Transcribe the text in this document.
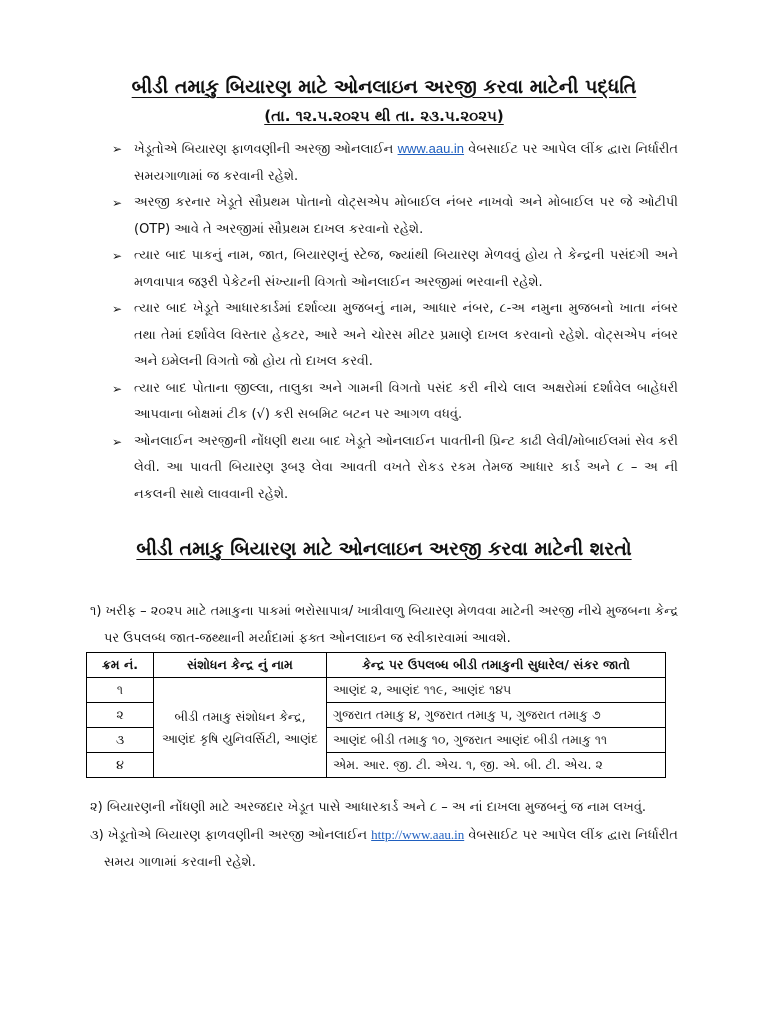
બીડી તમાકુ બિયારણ માટે ઓનલાઇન અરજી કરવા માટેની પદ્ધતિ
(તા. ૧૨.૫.૨૦૨૫ થી તા. ૨૩.૫.૨૦૨૫)
➢ ખેડૂતોએ બિયારણ ફાળવણીની અરજી ઓનલાઈન www.aau.in વેબસાઈટ પર આપેલ લીંક દ્વારા નિર્ધારીત સમયગાળામાં જ કરવાની રહેશે.
➢ અરજી કરનાર ખેડૂતે સૌપ્રથમ પોતાનો વોટ્સએપ મોબાઈલ નંબર નાખવો અને મોબાઈલ પર જે ઓટીપી (OTP) આવે તે અરજીમાં સૌપ્રથમ દાખલ કરવાનો રહેશે.
➢ ત્યાર બાદ પાકનું નામ, જાત, બિયારણનું સ્ટેજ, જ્યાંથી બિયારણ મેળવવું હોય તે કેન્દ્રની પસંદગી અને મળવાપાત્ર જરૂરી પેકેટની સંખ્યાની વિગતો ઓનલાઈન અરજીમાં ભરવાની રહેશે.
➢ ત્યાર બાદ ખેડૂતે આધારકાર્ડમાં દર્શાવ્યા મુજબનું નામ, આધાર નંબર, ૮-અ નમુના મુજબનો ખાતા નંબર તથા તેમાં દર્શાવેલ વિસ્તાર હેકટર, આરે અને ચોરસ મીટર પ્રમાણે દાખલ કરવાનો રહેશે. વોટ્સએપ નંબર અને ઇમેલની વિગતો જો હોય તો દાખલ કરવી.
➢ ત્યાર બાદ પોતાના જીલ્લા, તાલુકા અને ગામની વિગતો પસંદ કરી નીચે લાલ અક્ષરોમાં દર્શાવેલ બાહેધરી આપવાના બોક્ષમાં ટીક (√) કરી સબમિટ બટન પર આગળ વધવું.
➢ ઓનલાઈન અરજીની નોંધણી થયા બાદ ખેડૂતે ઓનલાઈન પાવતીની પ્રિન્ટ કાઢી લેવી/મોબાઈલમાં સેવ કરી લેવી. આ પાવતી બિયારણ રૂબરૂ લેવા આવતી વખતે રોકડ રકમ તેમજ આધાર કાર્ડ અને ૮ – અ ની નકલની સાથે લાવવાની રહેશે.
બીડી તમાકુ બિયારણ માટે ઓનલાઇન અરજી કરવા માટેની શરતો
૧) ખરીફ – ૨૦૨૫ માટે તમાકુના પાકમાં ભરોસાપાત્ર/ ખાત્રીવાળુ બિયારણ મેળવવા માટેની અરજી નીચે મુજબના કેન્દ્ર પર ઉપલબ્ધ જાત-જથ્થાની મર્યાદામાં ફક્ત ઓનલાઇન જ સ્વીકારવામાં આવશે.
ક્રમ નં.	સંશોધન કેન્દ્ર નું નામ	કેન્દ્ર પર ઉપલબ્ધ બીડી તમાકુની સુધારેલ/ સંકર જાતો
૧	બીડી તમાકુ સંશોધન કેન્દ્ર, આણંદ કૃષિ યુનિવર્સિટી, આણંદ	આણંદ ૨, આણંદ ૧૧૯, આણંદ ૧૪૫
૨		ગુજરાત તમાકુ ૪, ગુજરાત તમાકુ ૫, ગુજરાત તમાકુ ૭
૩		આણંદ બીડી તમાકુ ૧૦, ગુજરાત આણંદ બીડી તમાકુ ૧૧
૪		એમ. આર. જી. ટી. એચ. ૧, જી. એ. બી. ટી. એચ. ૨
૨) બિયારણની નોંધણી માટે અરજદાર ખેડૂત પાસે આધારકાર્ડ અને ૮ – અ નાં દાખલા મુજબનું જ નામ લખવું.
૩) ખેડૂતોએ બિયારણ ફાળવણીની અરજી ઓનલાઈન http://www.aau.in વેબસાઈટ પર આપેલ લીંક દ્વારા નિર્ધારીત સમય ગાળામાં કરવાની રહેશે.
